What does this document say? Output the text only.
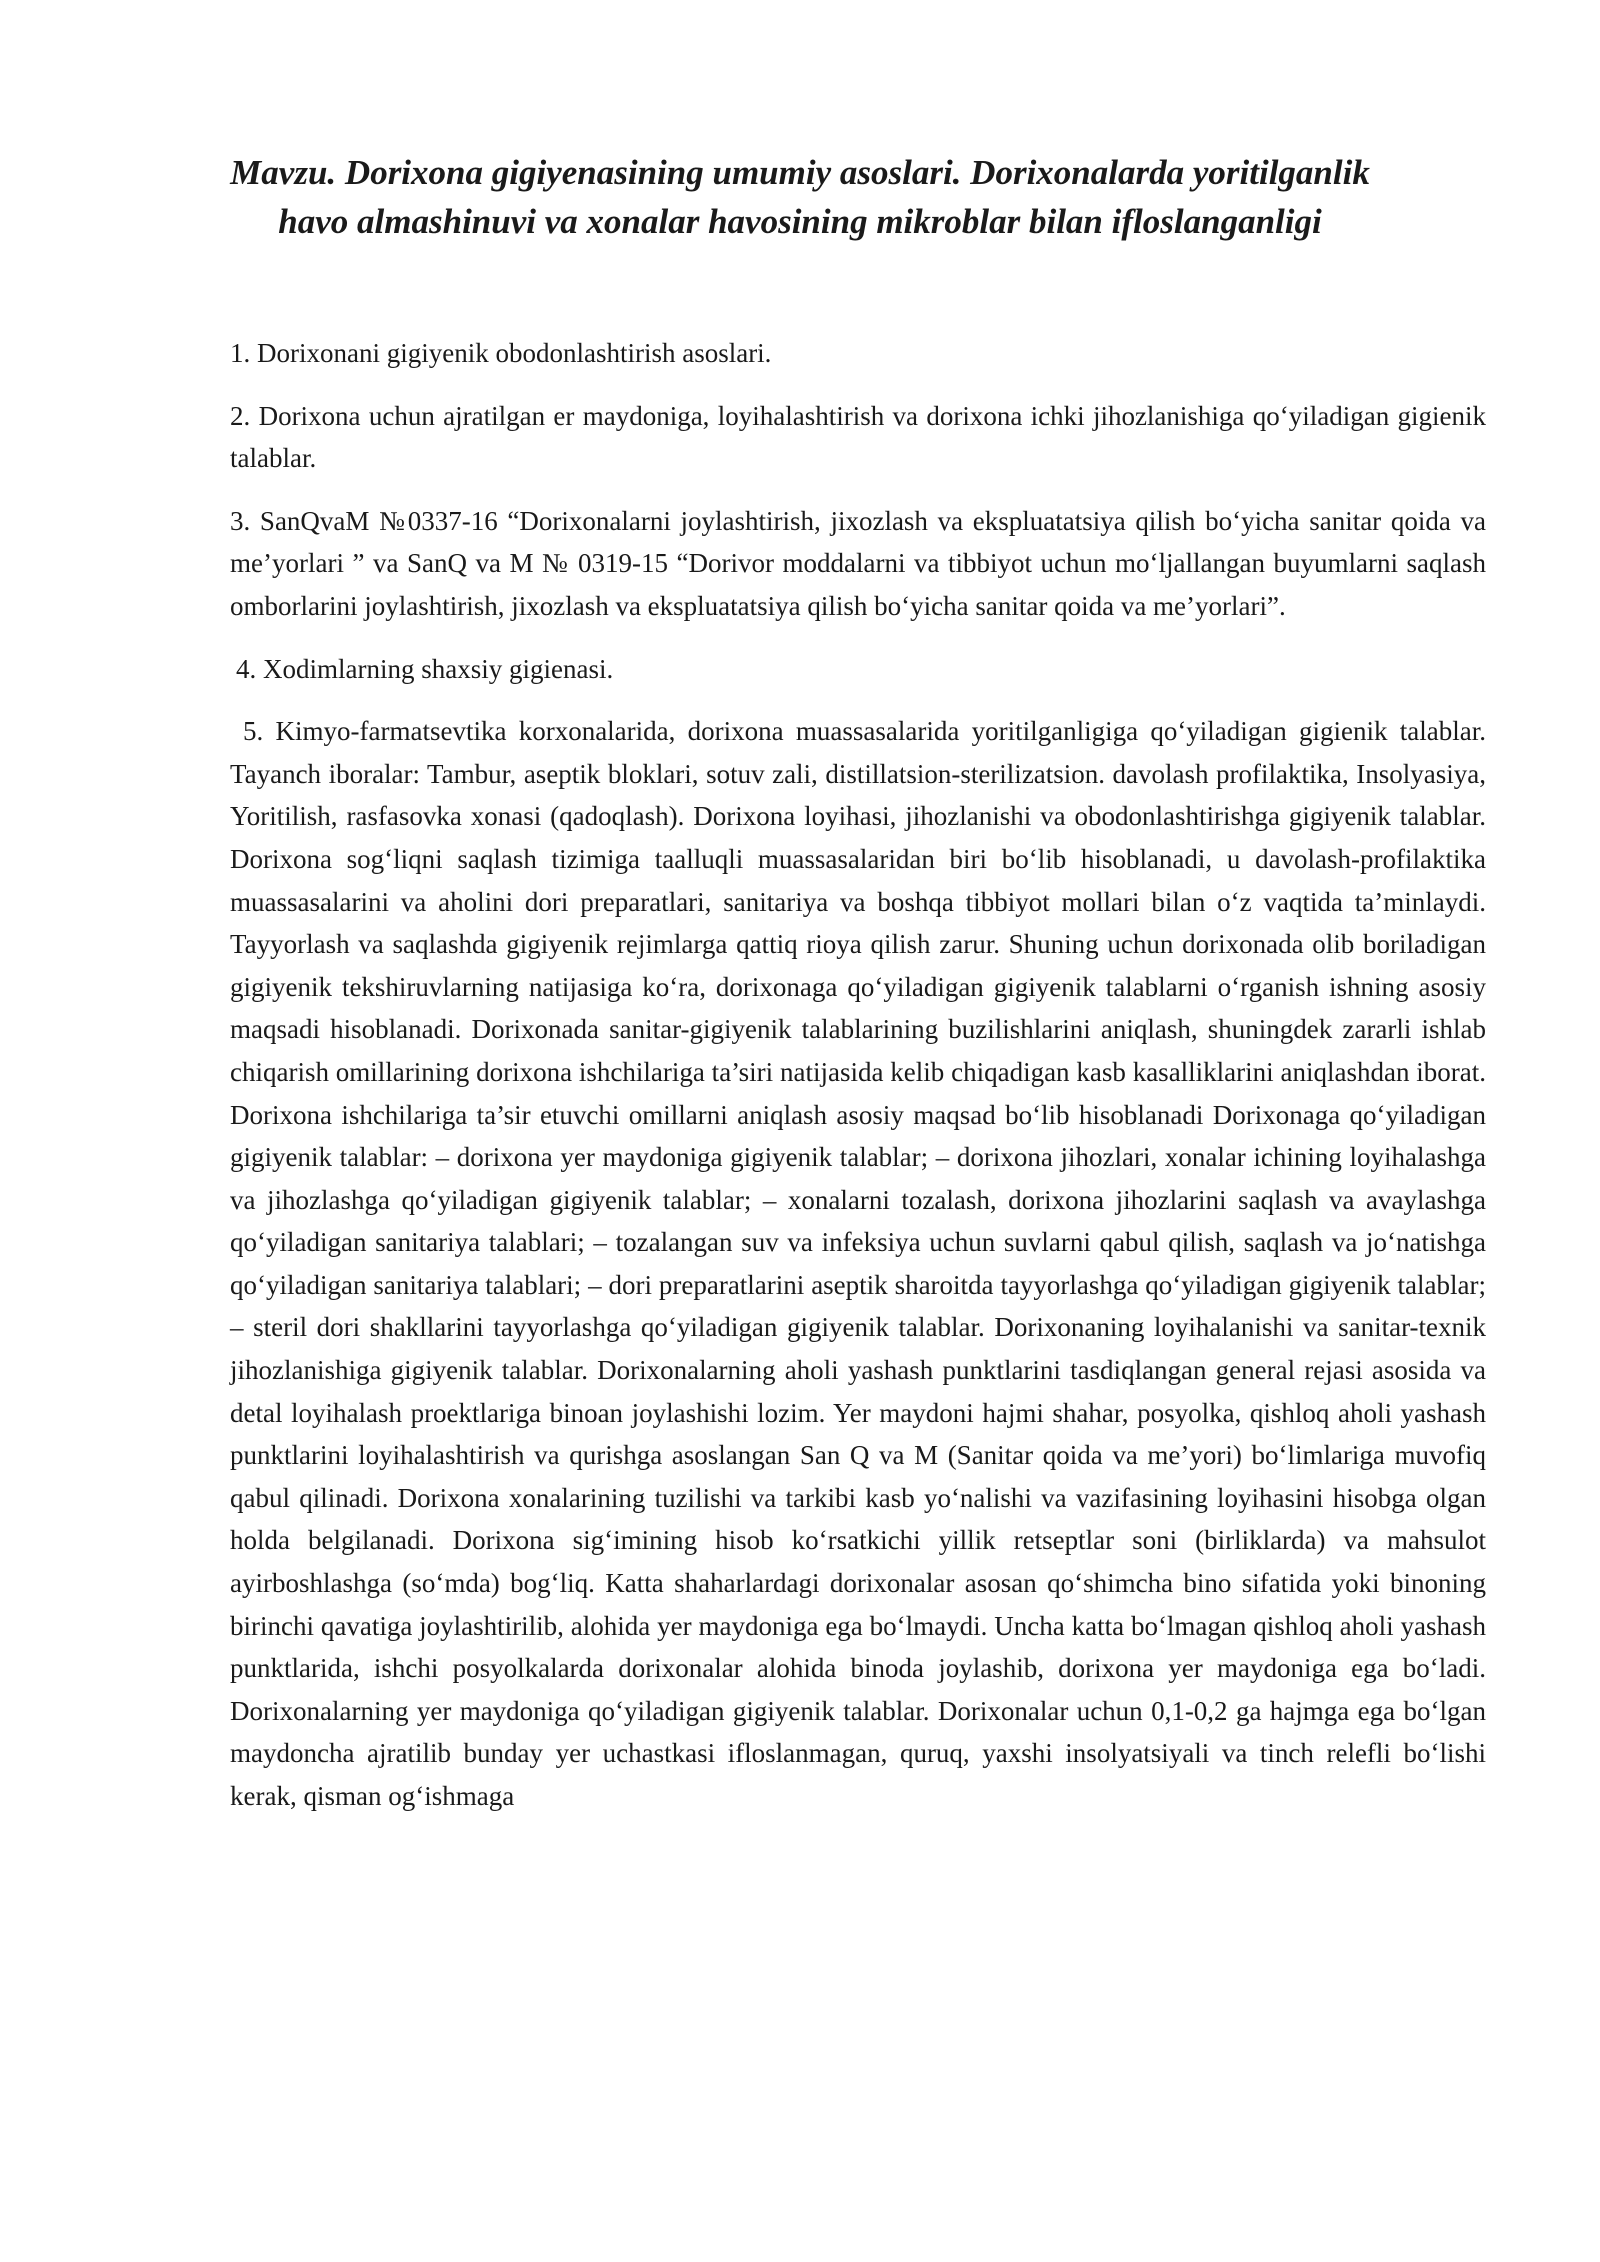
Mavzu. Dorixona gigiyenasining umumiy asoslari. Dorixonalarda yoritilganlik
havo almashinuvi va xonalar havosining mikroblar bilan ifloslanganligi

1. Dorixonani gigiyenik obodonlashtirish asoslari.

2. Dorixona uchun ajratilgan er maydoniga, loyihalashtirish va dorixona ichki jihozlanishiga qo‘yiladigan gigienik talablar.

3. SanQvaM №0337-16 “Dorixonalarni joylashtirish, jixozlash va ekspluatatsiya qilish bo‘yicha sanitar qoida va me’yorlari ” va SanQ va M № 0319-15 “Dorivor moddalarni va tibbiyot uchun mo‘ljallangan buyumlarni saqlash omborlarini joylashtirish, jixozlash va ekspluatatsiya qilish bo‘yicha sanitar qoida va me’yorlari”.

4. Xodimlarning shaxsiy gigienasi.

5. Kimyo-farmatsevtika korxonalarida, dorixona muassasalarida yoritilganligiga qo‘yiladigan gigienik talablar. Tayanch iboralar: Tambur, aseptik bloklari, sotuv zali, distillatsion-sterilizatsion. davolash profilaktika, Insolyasiya, Yoritilish, rasfasovka xonasi (qadoqlash). Dorixona loyihasi, jihozlanishi va obodonlashtirishga gigiyenik talablar. Dorixona sog‘liqni saqlash tizimiga taalluqli muassasalaridan biri bo‘lib hisoblanadi, u davolash-profilaktika muassasalarini va aholini dori preparatlari, sanitariya va boshqa tibbiyot mollari bilan o‘z vaqtida ta’minlaydi. Tayyorlash va saqlashda gigiyenik rejimlarga qattiq rioya qilish zarur. Shuning uchun dorixonada olib boriladigan gigiyenik tekshiruvlarning natijasiga ko‘ra, dorixonaga qo‘yiladigan gigiyenik talablarni o‘rganish ishning asosiy maqsadi hisoblanadi. Dorixonada sanitar-gigiyenik talablarining buzilishlarini aniqlash, shuningdek zararli ishlab chiqarish omillarining dorixona ishchilariga ta’siri natijasida kelib chiqadigan kasb kasalliklarini aniqlashdan iborat. Dorixona ishchilariga ta’sir etuvchi omillarni aniqlash asosiy maqsad bo‘lib hisoblanadi Dorixonaga qo‘yiladigan gigiyenik talablar: – dorixona yer maydoniga gigiyenik talablar; – dorixona jihozlari, xonalar ichining loyihalashga va jihozlashga qo‘yiladigan gigiyenik talablar; – xonalarni tozalash, dorixona jihozlarini saqlash va avaylashga qo‘yiladigan sanitariya talablari; – tozalangan suv va infeksiya uchun suvlarni qabul qilish, saqlash va jo‘natishga qo‘yiladigan sanitariya talablari; – dori preparatlarini aseptik sharoitda tayyorlashga qo‘yiladigan gigiyenik talablar; – steril dori shakllarini tayyorlashga qo‘yiladigan gigiyenik talablar. Dorixonaning loyihalanishi va sanitar-texnik jihozlanishiga gigiyenik talablar. Dorixonalarning aholi yashash punktlarini tasdiqlangan general rejasi asosida va detal loyihalash proektlariga binoan joylashishi lozim. Yer maydoni hajmi shahar, posyolka, qishloq aholi yashash punktlarini loyihalashtirish va qurishga asoslangan San Q va M (Sanitar qoida va me’yori) bo‘limlariga muvofiq qabul qilinadi. Dorixona xonalarining tuzilishi va tarkibi kasb yo‘nalishi va vazifasining loyihasini hisobga olgan holda belgilanadi. Dorixona sig‘imining hisob ko‘rsatkichi yillik retseptlar soni (birliklarda) va mahsulot ayirboshlashga (so‘mda) bog‘liq. Katta shaharlardagi dorixonalar asosan qo‘shimcha bino sifatida yoki binoning birinchi qavatiga joylashtirilib, alohida yer maydoniga ega bo‘lmaydi. Uncha katta bo‘lmagan qishloq aholi yashash punktlarida, ishchi posyolkalarda dorixonalar alohida binoda joylashib, dorixona yer maydoniga ega bo‘ladi. Dorixonalarning yer maydoniga qo‘yiladigan gigiyenik talablar. Dorixonalar uchun 0,1-0,2 ga hajmga ega bo‘lgan maydoncha ajratilib bunday yer uchastkasi ifloslanmagan, quruq, yaxshi insolyatsiyali va tinch relefli bo‘lishi kerak, qisman og‘ishmaga
